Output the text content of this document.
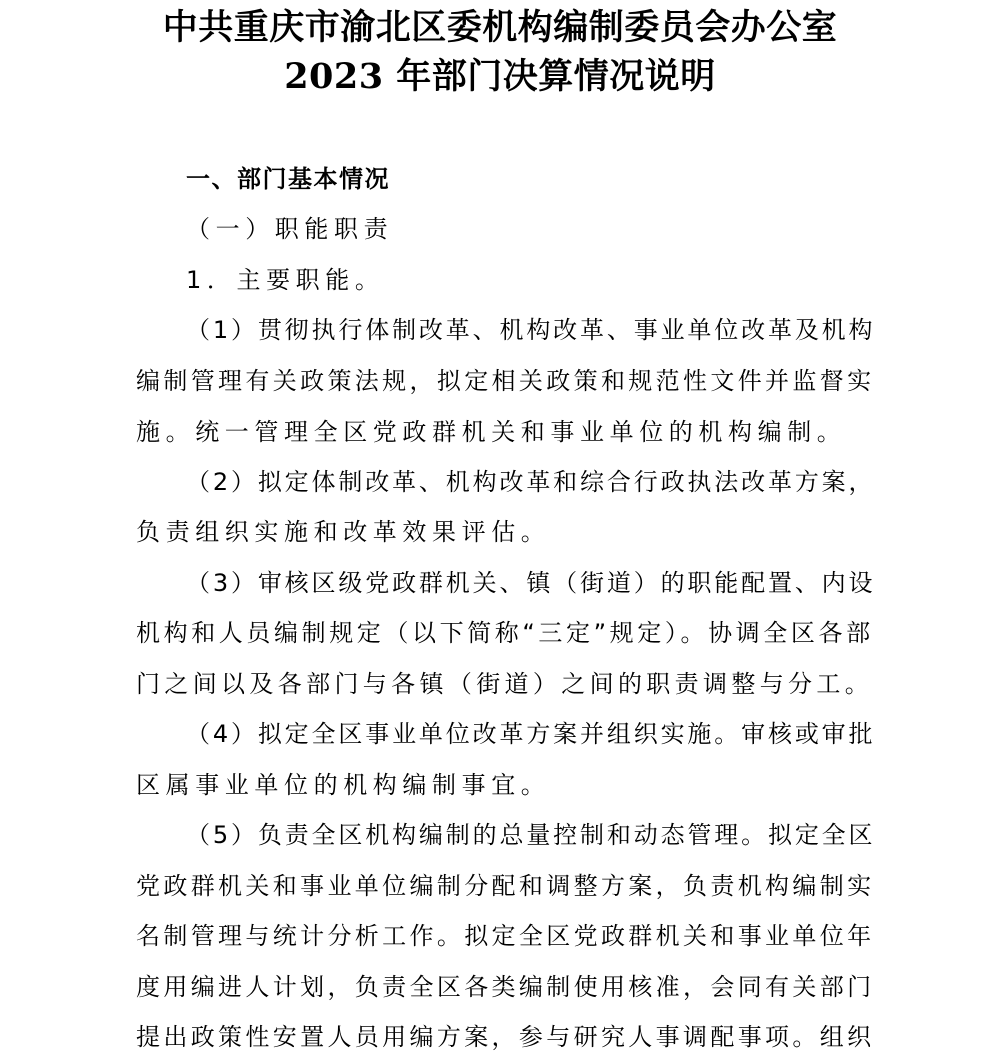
中共重庆市渝北区委机构编制委员会办公室
2023 年部门决算情况说明

一、部门基本情况

（一）职能职责

1．主要职能。

（1）贯彻执行体制改革、机构改革、事业单位改革及机构

编制管理有关政策法规，拟定相关政策和规范性文件并监督实

施。统一管理全区党政群机关和事业单位的机构编制。

（2）拟定体制改革、机构改革和综合行政执法改革方案，

负责组织实施和改革效果评估。

（3）审核区级党政群机关、镇（街道）的职能配置、内设

机构和人员编制规定（以下简称“三定”规定）。协调全区各部

门之间以及各部门与各镇（街道）之间的职责调整与分工。

（4）拟定全区事业单位改革方案并组织实施。审核或审批

区属事业单位的机构编制事宜。

（5）负责全区机构编制的总量控制和动态管理。拟定全区

党政群机关和事业单位编制分配和调整方案，负责机构编制实

名制管理与统计分析工作。拟定全区党政群机关和事业单位年

度用编进人计划，负责全区各类编制使用核准，会同有关部门

提出政策性安置人员用编方案，参与研究人事调配事项。组织
